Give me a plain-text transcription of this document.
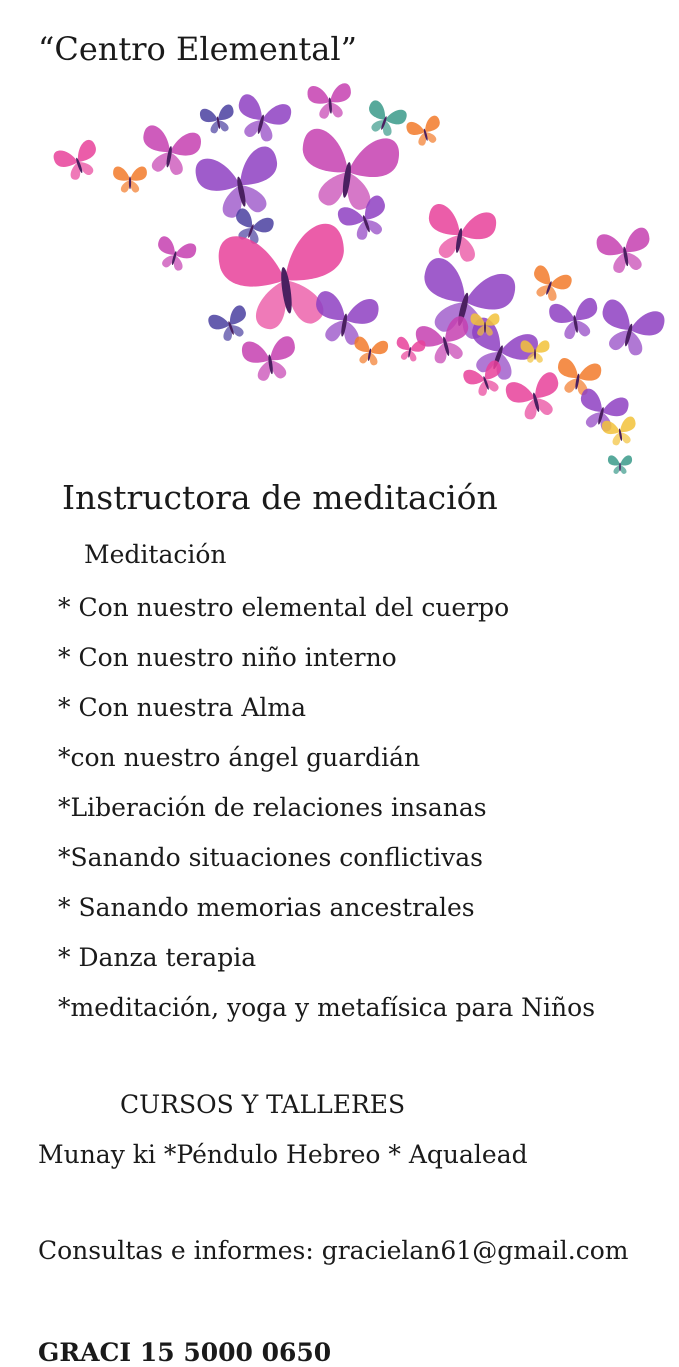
“Centro Elemental”
Instructora de meditación
Meditación
* Con nuestro elemental del cuerpo
* Con nuestro niño interno
* Con nuestra Alma
*con nuestro ángel guardián
*Liberación de relaciones insanas
*Sanando situaciones conflictivas
* Sanando memorias ancestrales
* Danza terapia
*meditación, yoga y metafísica para Niños
CURSOS Y TALLERES
Munay ki *Péndulo Hebreo * Aqualead
Consultas e informes: gracielan61@gmail.com
GRACI 15 5000 0650
